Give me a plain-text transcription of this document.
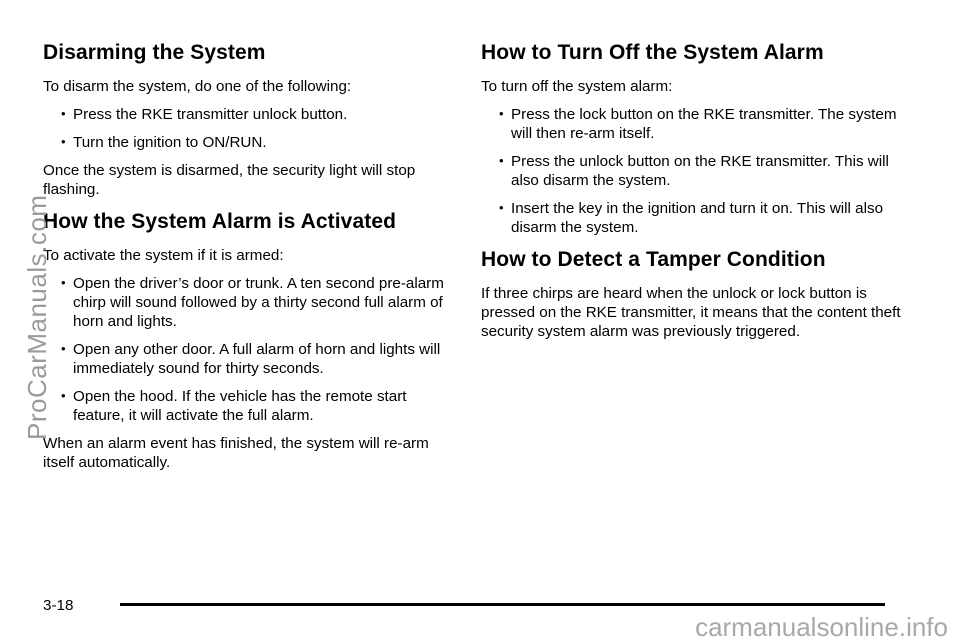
Disarming the System

To disarm the system, do one of the following:

• Press the RKE transmitter unlock button.
• Turn the ignition to ON/RUN.

Once the system is disarmed, the security light will stop flashing.

How the System Alarm is Activated

To activate the system if it is armed:

• Open the driver’s door or trunk. A ten second pre-alarm chirp will sound followed by a thirty second full alarm of horn and lights.
• Open any other door. A full alarm of horn and lights will immediately sound for thirty seconds.
• Open the hood. If the vehicle has the remote start feature, it will activate the full alarm.

When an alarm event has finished, the system will re-arm itself automatically.

How to Turn Off the System Alarm

To turn off the system alarm:

• Press the lock button on the RKE transmitter. The system will then re-arm itself.
• Press the unlock button on the RKE transmitter. This will also disarm the system.
• Insert the key in the ignition and turn it on. This will also disarm the system.
How to Detect a Tamper Condition

If three chirps are heard when the unlock or lock button is pressed on the RKE transmitter, it means that the content theft security system alarm was previously triggered.

3-18
ProCarManuals.com
carmanualsonline.info
